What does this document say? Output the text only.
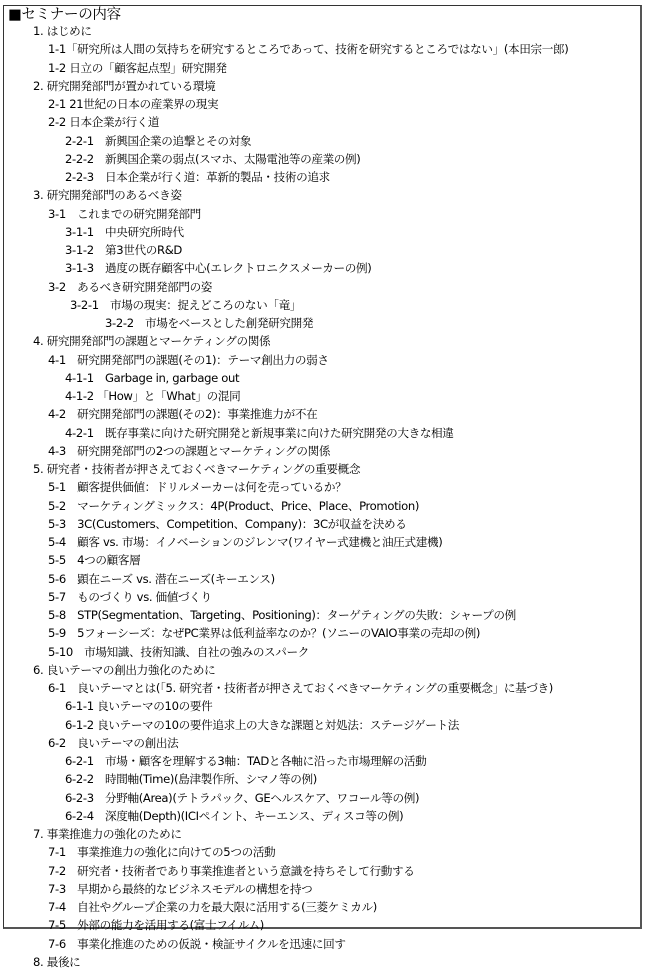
■セミナーの内容
1. はじめに
1-1「研究所は人間の気持ちを研究するところであって、技術を研究するところではない」(本田宗一郎)
1-2 日立の「顧客起点型」研究開発
2. 研究開発部門が置かれている環境
2-1 21世紀の日本の産業界の現実
2-2 日本企業が行く道
2-2-1　新興国企業の追撃とその対象
2-2-2　新興国企業の弱点(スマホ、太陽電池等の産業の例)
2-2-3　日本企業が行く道：革新的製品・技術の追求
3. 研究開発部門のあるべき姿
3-1　これまでの研究開発部門
3-1-1　中央研究所時代
3-1-2　第3世代のR&D
3-1-3　過度の既存顧客中心(エレクトロニクスメーカーの例)
3-2　あるべき研究開発部門の姿
3-2-1　市場の現実：捉えどころのない「竜」
3-2-2　市場をベースとした創発研究開発
4. 研究開発部門の課題とマーケティングの関係
4-1　研究開発部門の課題(その1)：テーマ創出力の弱さ
4-1-1　Garbage in, garbage out
4-1-2 「How」と「What」の混同
4-2　研究開発部門の課題(その2)：事業推進力が不在
4-2-1　既存事業に向けた研究開発と新規事業に向けた研究開発の大きな相違
4-3　研究開発部門の2つの課題とマーケティングの関係
5. 研究者・技術者が押さえておくべきマーケティングの重要概念
5-1　顧客提供価値：ドリルメーカーは何を売っているか？
5-2　マーケティングミックス：4P(Product、Price、Place、Promotion)
5-3　3C(Customers、Competition、Company)：3Cが収益を決める
5-4　顧客 vs. 市場：イノベーションのジレンマ(ワイヤー式建機と油圧式建機)
5-5　4つの顧客層
5-6　顕在ニーズ vs. 潜在ニーズ(キーエンス)
5-7　ものづくり vs. 価値づくり
5-8　STP(Segmentation、Targeting、Positioning)：ターゲティングの失敗：シャープの例
5-9　5フォーシーズ：なぜPC業界は低利益率なのか？(ソニーのVAIO事業の売却の例)
5-10　市場知識、技術知識、自社の強みのスパーク
6. 良いテーマの創出力強化のために
6-1　良いテーマとは(「5. 研究者・技術者が押さえておくべきマーケティングの重要概念」に基づき)
6-1-1 良いテーマの10の要件
6-1-2 良いテーマの10の要件追求上の大きな課題と対処法：ステージゲート法
6-2　良いテーマの創出法
6-2-1　市場・顧客を理解する3軸：TADと各軸に沿った市場理解の活動
6-2-2　時間軸(Time)(島津製作所、シマノ等の例)
6-2-3　分野軸(Area)(テトラパック、GEヘルスケア、ワコール等の例)
6-2-4　深度軸(Depth)(ICIペイント、キーエンス、ディスコ等の例)
7. 事業推進力の強化のために
7-1　事業推進力の強化に向けての5つの活動
7-2　研究者・技術者であり事業推進者という意識を持ちそして行動する
7-3　早期から最終的なビジネスモデルの構想を持つ
7-4　自社やグループ企業の力を最大限に活用する(三菱ケミカル)
7-5　外部の能力を活用する(富士フイルム)
7-6　事業化推進のための仮説・検証サイクルを迅速に回す
8. 最後に
